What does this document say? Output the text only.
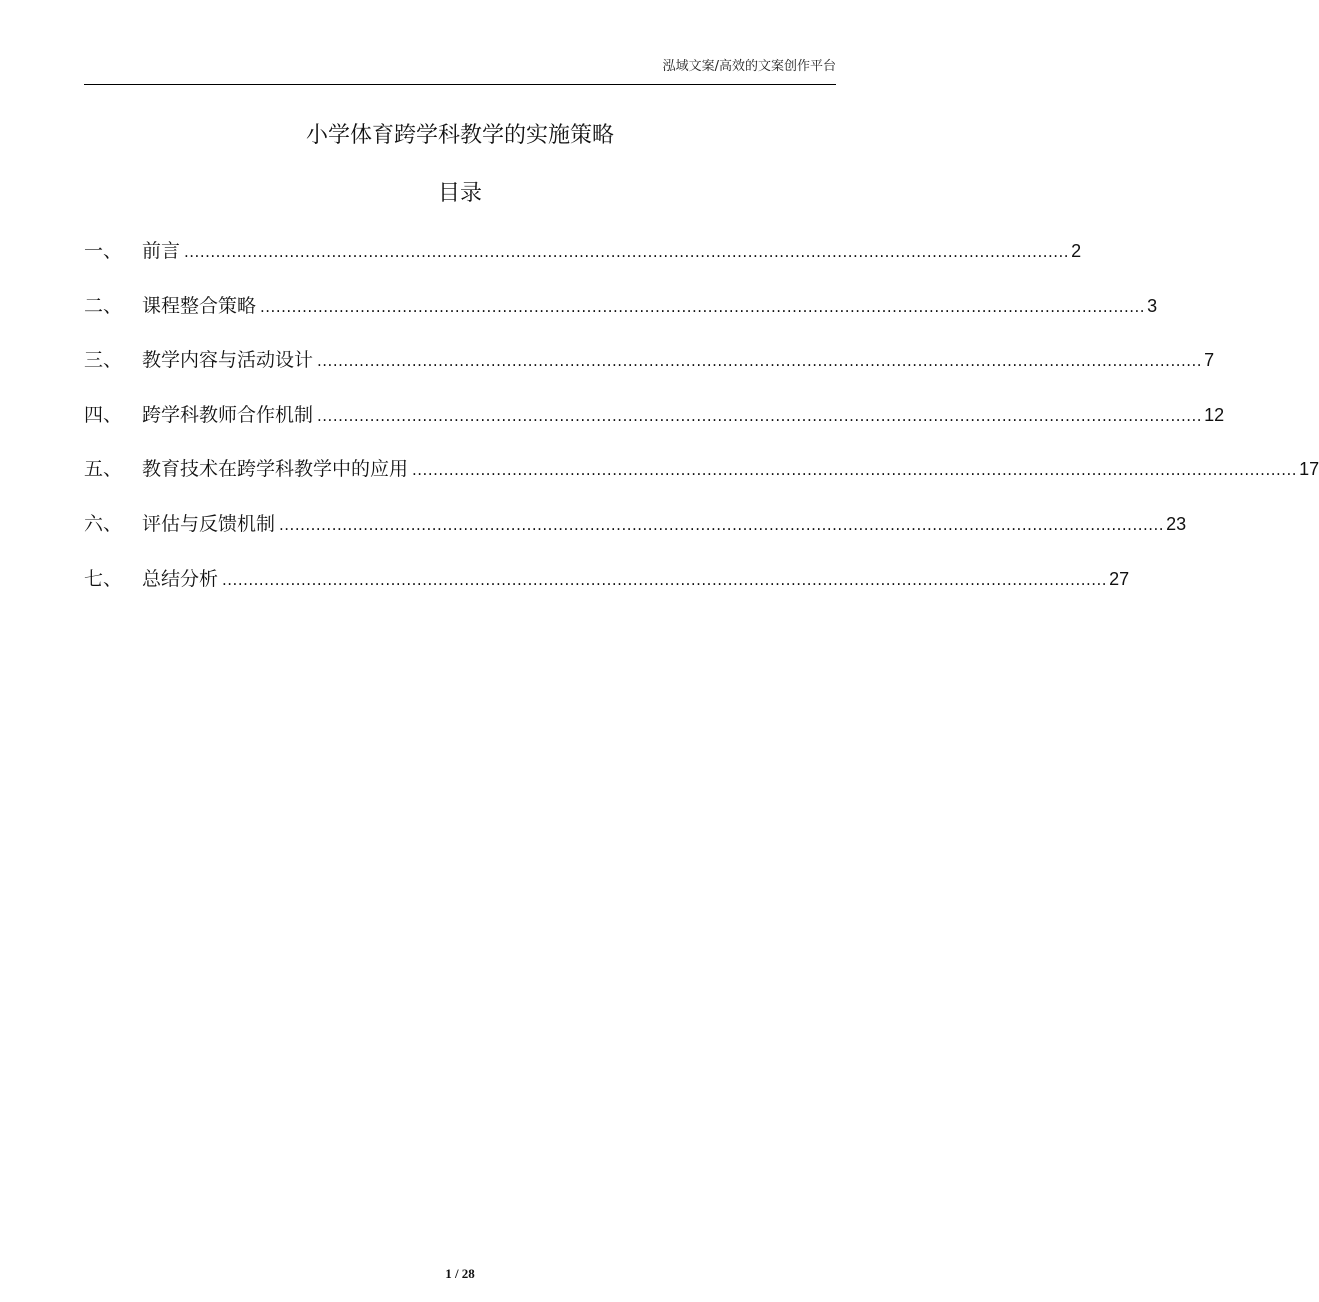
泓域文案/高效的文案创作平台
小学体育跨学科教学的实施策略
目录
一、	前言 ........................................................................................................................................................................ 2
二、	课程整合策略 ........................................................................................................................................................................ 3
三、	教学内容与活动设计 ........................................................................................................................................................................ 7
四、	跨学科教师合作机制 ........................................................................................................................................................................ 12
五、	教育技术在跨学科教学中的应用 ........................................................................................................................................................................ 17
六、	评估与反馈机制 ........................................................................................................................................................................ 23
七、	总结分析 ........................................................................................................................................................................ 27
1 / 28
